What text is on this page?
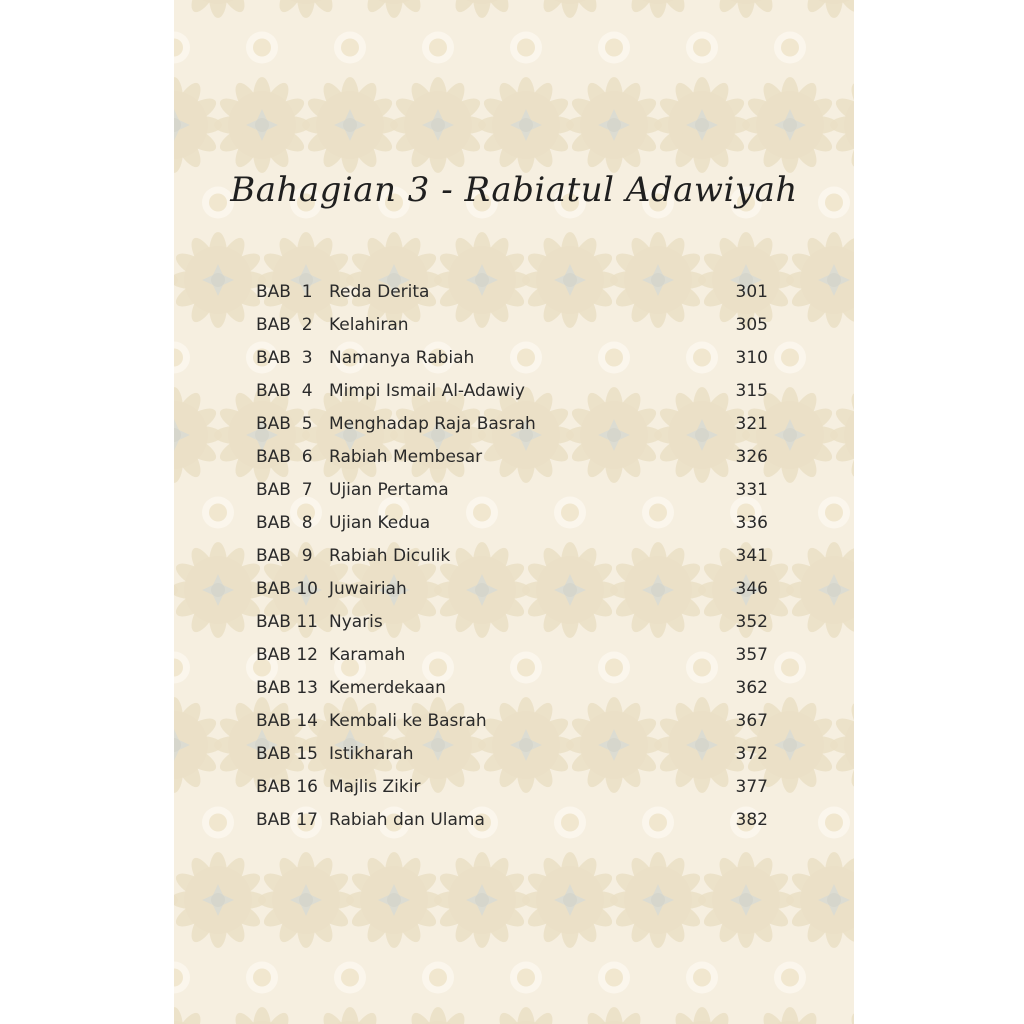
Bahagian 3 - Rabiatul Adawiyah
BAB  1 Reda Derita	301
BAB  2 Kelahiran	305
BAB  3 Namanya Rabiah	310
BAB  4 Mimpi Ismail Al-Adawiy	315
BAB  5 Menghadap Raja Basrah	321
BAB  6 Rabiah Membesar	326
BAB  7 Ujian Pertama	331
BAB  8 Ujian Kedua	336
BAB  9 Rabiah Diculik	341
BAB 10 Juwairiah	346
BAB 11 Nyaris	352
BAB 12 Karamah	357
BAB 13 Kemerdekaan	362
BAB 14 Kembali ke Basrah	367
BAB 15 Istikharah	372
BAB 16 Majlis Zikir	377
BAB 17 Rabiah dan Ulama	382
